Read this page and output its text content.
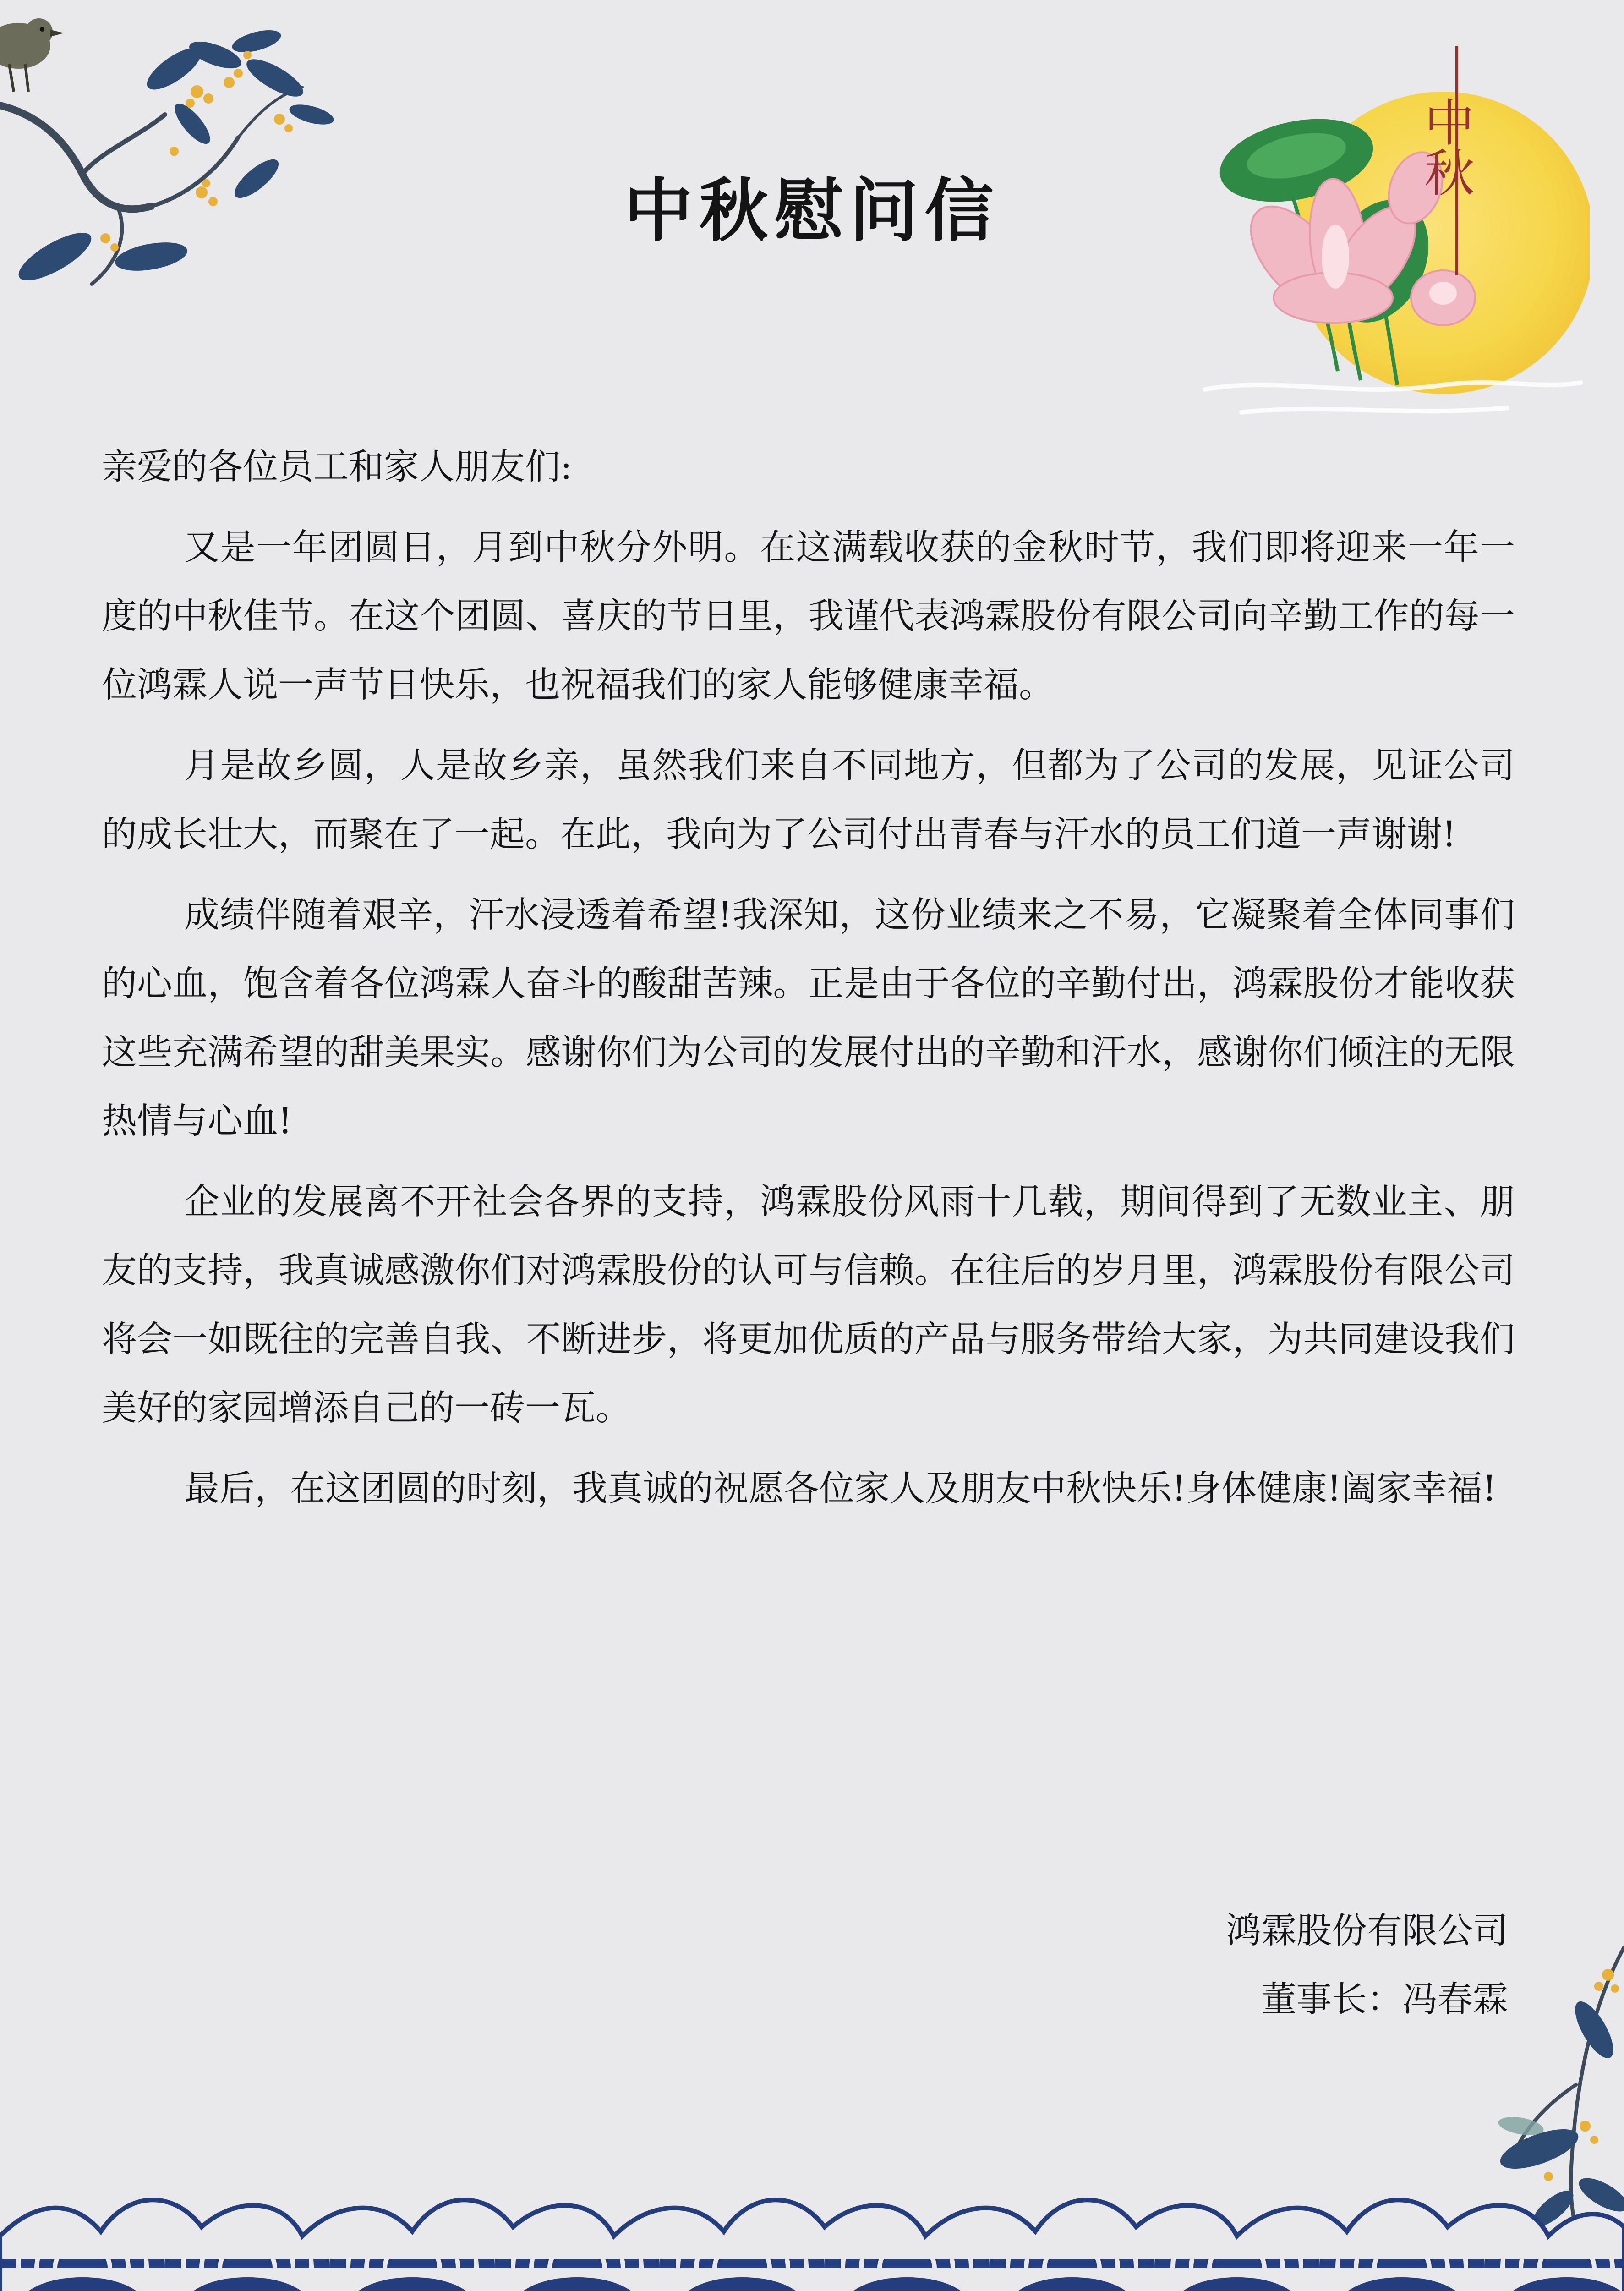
中秋
中秋慰问信

亲爱的各位员工和家人朋友们:

又是一年团圆日，月到中秋分外明。在这满载收获的金秋时节，我们即将迎来一年一度的中秋佳节。在这个团圆、喜庆的节日里，我谨代表鸿霖股份有限公司向辛勤工作的每一位鸿霖人说一声节日快乐，也祝福我们的家人能够健康幸福。

月是故乡圆，人是故乡亲，虽然我们来自不同地方，但都为了公司的发展，见证公司的成长壮大，而聚在了一起。在此，我向为了公司付出青春与汗水的员工们道一声谢谢!

成绩伴随着艰辛，汗水浸透着希望!我深知，这份业绩来之不易，它凝聚着全体同事们的心血，饱含着各位鸿霖人奋斗的酸甜苦辣。正是由于各位的辛勤付出，鸿霖股份才能收获这些充满希望的甜美果实。感谢你们为公司的发展付出的辛勤和汗水，感谢你们倾注的无限热情与心血!

企业的发展离不开社会各界的支持，鸿霖股份风雨十几载，期间得到了无数业主、朋友的支持，我真诚感激你们对鸿霖股份的认可与信赖。在往后的岁月里，鸿霖股份有限公司将会一如既往的完善自我、不断进步，将更加优质的产品与服务带给大家，为共同建设我们美好的家园增添自己的一砖一瓦。

最后，在这团圆的时刻，我真诚的祝愿各位家人及朋友中秋快乐!身体健康!阖家幸福!

鸿霖股份有限公司
董事长：冯春霖
